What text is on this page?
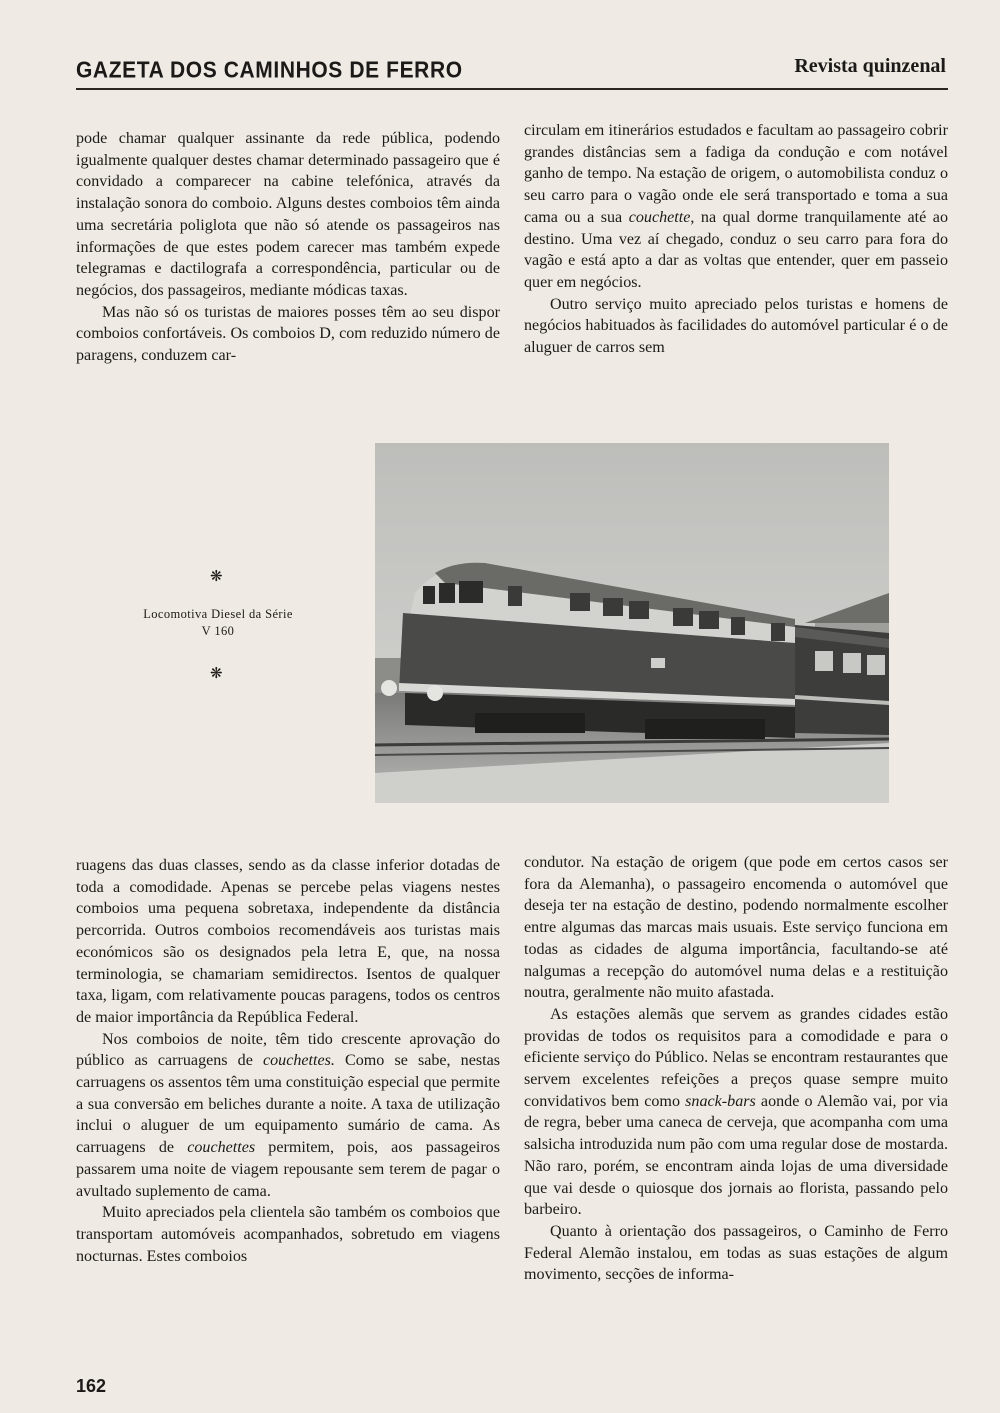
GAZETA DOS CAMINHOS DE FERRO	Revista quinzenal

pode chamar qualquer assinante da rede pública, podendo igualmente qualquer destes chamar determinado passageiro que é convidado a comparecer na cabine telefónica, através da instalação sonora do comboio. Alguns destes comboios têm ainda uma secretária poliglota que não só atende os passageiros nas informações de que estes podem carecer mas também expede telegramas e dactilografa a correspondência, particular ou de negócios, dos passageiros, mediante módicas taxas.

Mas não só os turistas de maiores posses têm ao seu dispor comboios confortáveis. Os comboios D, com reduzido número de paragens, conduzem car-

circulam em itinerários estudados e facultam ao passageiro cobrir grandes distâncias sem a fadiga da condução e com notável ganho de tempo. Na estação de origem, o automobilista conduz o seu carro para o vagão onde ele será transportado e toma a sua cama ou a sua couchette, na qual dorme tranquilamente até ao destino. Uma vez aí chegado, conduz o seu carro para fora do vagão e está apto a dar as voltas que entender, quer em passeio quer em negócios.

Outro serviço muito apreciado pelos turistas e homens de negócios habituados às facilidades do automóvel particular é o de aluguer de carros sem

❋
Locomotiva Diesel da Série
V 160
❋

ruagens das duas classes, sendo as da classe inferior dotadas de toda a comodidade. Apenas se percebe pelas viagens nestes comboios uma pequena sobretaxa, independente da distância percorrida. Outros comboios recomendáveis aos turistas mais económicos são os designados pela letra E, que, na nossa terminologia, se chamariam semidirectos. Isentos de qualquer taxa, ligam, com relativamente poucas paragens, todos os centros de maior importância da República Federal.

Nos comboios de noite, têm tido crescente aprovação do público as carruagens de couchettes. Como se sabe, nestas carruagens os assentos têm uma constituição especial que permite a sua conversão em beliches durante a noite. A taxa de utilização inclui o aluguer de um equipamento sumário de cama. As carruagens de couchettes permitem, pois, aos passageiros passarem uma noite de viagem repousante sem terem de pagar o avultado suplemento de cama.

Muito apreciados pela clientela são também os comboios que transportam automóveis acompanhados, sobretudo em viagens nocturnas. Estes comboios

condutor. Na estação de origem (que pode em certos casos ser fora da Alemanha), o passageiro encomenda o automóvel que deseja ter na estação de destino, podendo normalmente escolher entre algumas das marcas mais usuais. Este serviço funciona em todas as cidades de alguma importância, facultando-se até nalgumas a recepção do automóvel numa delas e a restituição noutra, geralmente não muito afastada.

As estações alemãs que servem as grandes cidades estão providas de todos os requisitos para a comodidade e para o eficiente serviço do Público. Nelas se encontram restaurantes que servem excelentes refeições a preços quase sempre muito convidativos bem como snack-bars aonde o Alemão vai, por via de regra, beber uma caneca de cerveja, que acompanha com uma salsicha introduzida num pão com uma regular dose de mostarda. Não raro, porém, se encontram ainda lojas de uma diversidade que vai desde o quiosque dos jornais ao florista, passando pelo barbeiro.

Quanto à orientação dos passageiros, o Caminho de Ferro Federal Alemão instalou, em todas as suas estações de algum movimento, secções de informa-

162
